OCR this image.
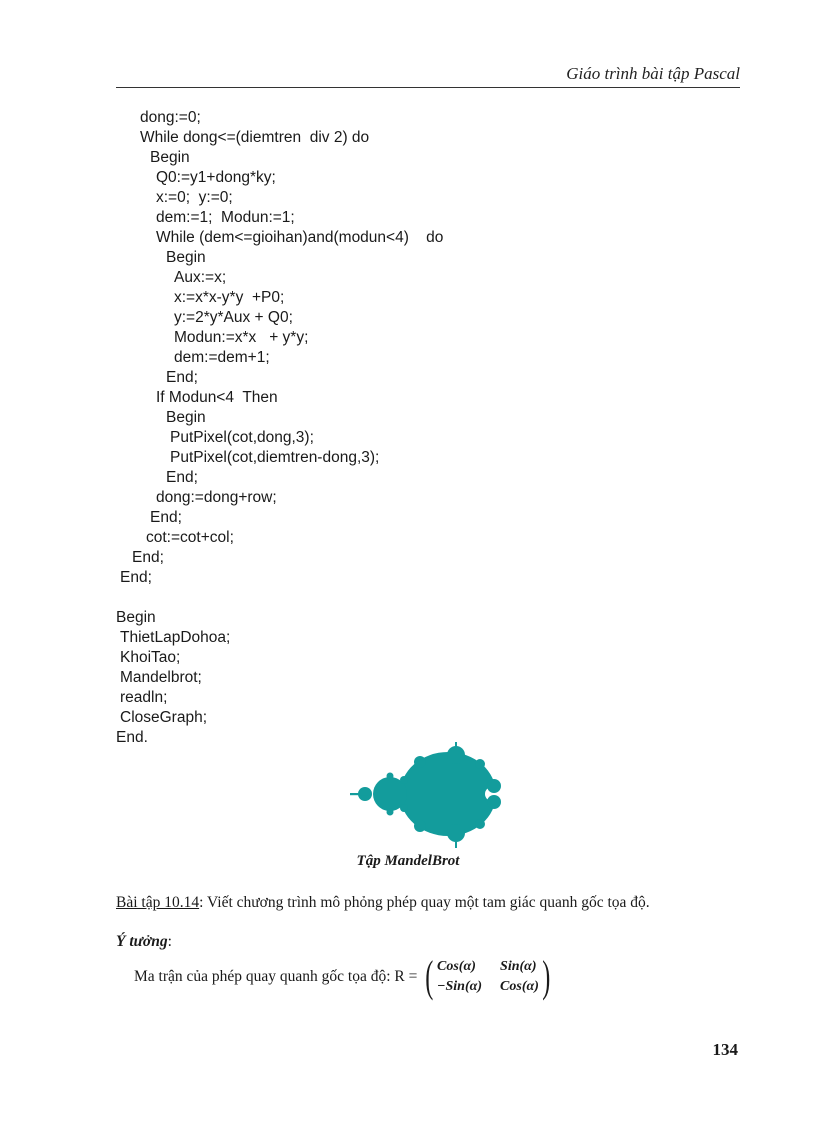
Giáo trình bài tập Pascal
dong:=0;
While dong<=(diemtren  div 2) do
Begin
Q0:=y1+dong*ky;
x:=0;  y:=0;
dem:=1;  Modun:=1;
While (dem<=gioihan)and(modun<4)    do
Begin
Aux:=x;
x:=x*x-y*y  +P0;
y:=2*y*Aux + Q0;
Modun:=x*x   + y*y;
dem:=dem+1;
End;
If Modun<4  Then
Begin
PutPixel(cot,dong,3);
PutPixel(cot,diemtren-dong,3);
End;
dong:=dong+row;
End;
cot:=cot+col;
End;
End;
Begin
ThietLapDohoa;
KhoiTao;
Mandelbrot;
readln;
CloseGraph;
End.
Tập MandelBrot
Bài tập 10.14: Viết chương trình mô phỏng phép quay một tam giác quanh gốc tọa độ.
Ý tưởng:
Ma trận của phép quay quanh gốc tọa độ: R = ( Cos(α)	Sin(α)
−Sin(α) Cos(α) )
134
